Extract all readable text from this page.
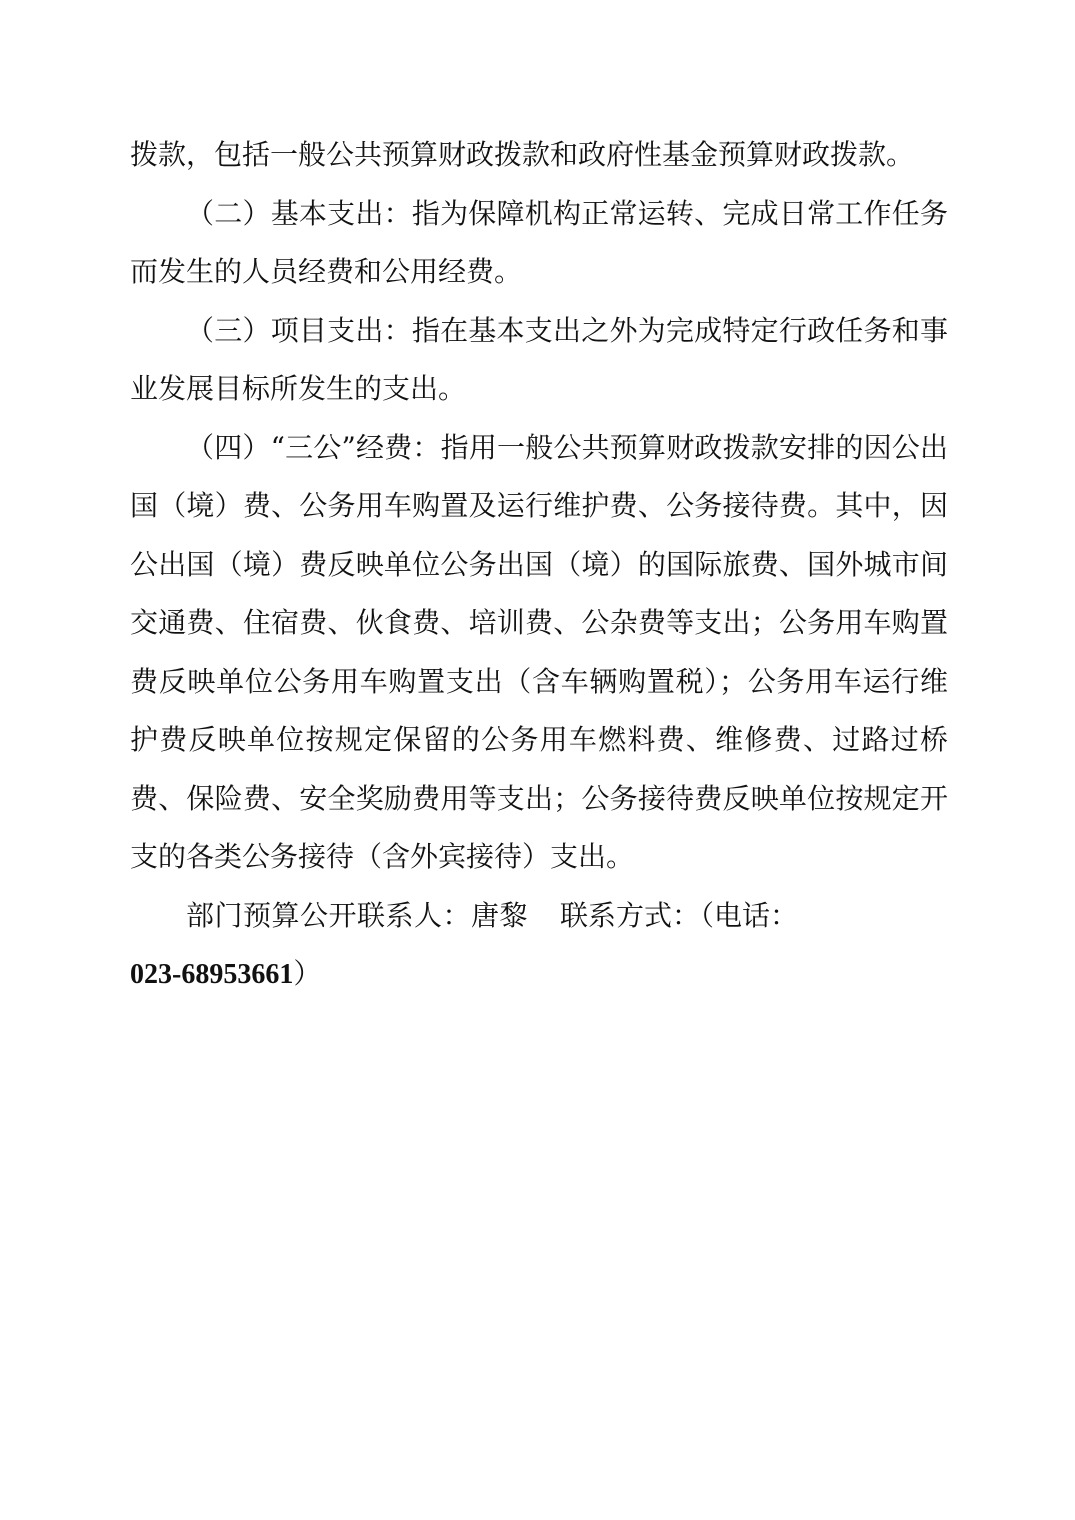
拨款，包括一般公共预算财政拨款和政府性基金预算财政拨款。

（二）基本支出：指为保障机构正常运转、完成日常工作任务而发生的人员经费和公用经费。

（三）项目支出：指在基本支出之外为完成特定行政任务和事业发展目标所发生的支出。

（四）“三公”经费：指用一般公共预算财政拨款安排的因公出国（境）费、公务用车购置及运行维护费、公务接待费。其中，因公出国（境）费反映单位公务出国（境）的国际旅费、国外城市间交通费、住宿费、伙食费、培训费、公杂费等支出；公务用车购置费反映单位公务用车购置支出（含车辆购置税）；公务用车运行维护费反映单位按规定保留的公务用车燃料费、维修费、过路过桥费、保险费、安全奖励费用等支出；公务接待费反映单位按规定开支的各类公务接待（含外宾接待）支出。

部门预算公开联系人：唐黎 联系方式：（电话：
023-68953661）
